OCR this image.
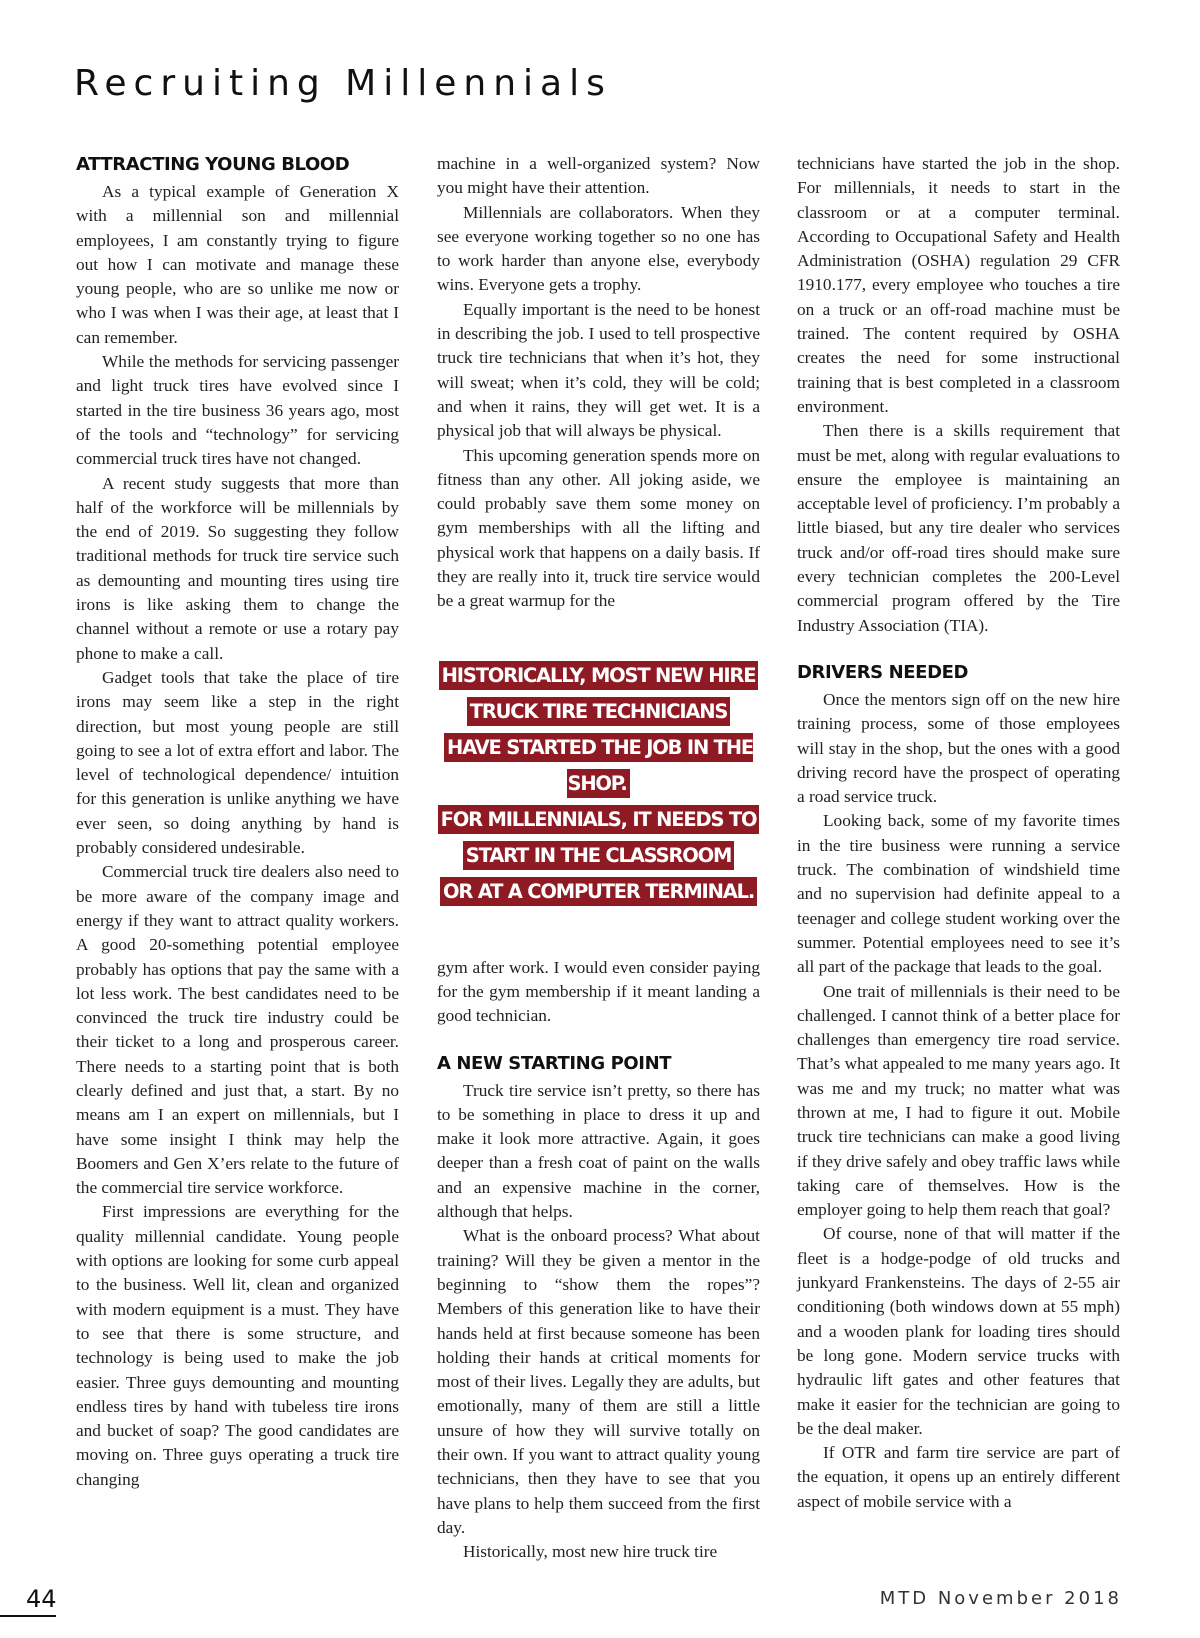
Recruiting Millennials
ATTRACTING YOUNG BLOOD

As a typical example of Generation X with a millennial son and millennial employees, I am constantly trying to figure out how I can motivate and manage these young people, who are so unlike me now or who I was when I was their age, at least that I can remember.

While the methods for servicing passenger and light truck tires have evolved since I started in the tire business 36 years ago, most of the tools and “technology” for servicing commercial truck tires have not changed.

A recent study suggests that more than half of the workforce will be millennials by the end of 2019. So suggesting they follow traditional methods for truck tire service such as demounting and mounting tires using tire irons is like asking them to change the channel without a remote or use a rotary pay phone to make a call.

Gadget tools that take the place of tire irons may seem like a step in the right direction, but most young people are still going to see a lot of extra effort and labor. The level of technological dependence/ intuition for this generation is unlike anything we have ever seen, so doing anything by hand is probably considered undesirable.

Commercial truck tire dealers also need to be more aware of the company image and energy if they want to attract quality workers. A good 20-something potential employee probably has options that pay the same with a lot less work. The best candidates need to be convinced the truck tire industry could be their ticket to a long and prosperous career. There needs to a starting point that is both clearly defined and just that, a start. By no means am I an expert on millennials, but I have some insight I think may help the Boomers and Gen X’ers relate to the future of the commercial tire service workforce.

First impressions are everything for the quality millennial candidate. Young people with options are looking for some curb appeal to the business. Well lit, clean and organized with modern equipment is a must. They have to see that there is some structure, and technology is being used to make the job easier. Three guys demounting and mounting endless tires by hand with tubeless tire irons and bucket of soap? The good candidates are moving on. Three guys operating a truck tire changing

machine in a well-organized system? Now you might have their attention.

Millennials are collaborators. When they see everyone working together so no one has to work harder than anyone else, everybody wins. Everyone gets a trophy.

Equally important is the need to be honest in describing the job. I used to tell prospective truck tire technicians that when it’s hot, they will sweat; when it’s cold, they will be cold; and when it rains, they will get wet. It is a physical job that will always be physical.

This upcoming generation spends more on fitness than any other. All joking aside, we could probably save them some money on gym memberships with all the lifting and physical work that happens on a daily basis. If they are really into it, truck tire service would be a great warmup for the

HISTORICALLY, MOST NEW HIRE
TRUCK TIRE TECHNICIANS
HAVE STARTED THE JOB IN THE SHOP.
FOR MILLENNIALS, IT NEEDS TO
START IN THE CLASSROOM
OR AT A COMPUTER TERMINAL.

gym after work. I would even consider paying for the gym membership if it meant landing a good technician.

A NEW STARTING POINT

Truck tire service isn’t pretty, so there has to be something in place to dress it up and make it look more attractive. Again, it goes deeper than a fresh coat of paint on the walls and an expensive machine in the corner, although that helps.

What is the onboard process? What about training? Will they be given a mentor in the beginning to “show them the ropes”? Members of this generation like to have their hands held at first because someone has been holding their hands at critical moments for most of their lives. Legally they are adults, but emotionally, many of them are still a little unsure of how they will survive totally on their own. If you want to attract quality young technicians, then they have to see that you have plans to help them succeed from the first day.

Historically, most new hire truck tire

technicians have started the job in the shop. For millennials, it needs to start in the classroom or at a computer terminal. According to Occupational Safety and Health Administration (OSHA) regulation 29 CFR 1910.177, every employee who touches a tire on a truck or an off-road machine must be trained. The content required by OSHA creates the need for some instructional training that is best completed in a classroom environment.

Then there is a skills requirement that must be met, along with regular evaluations to ensure the employee is maintaining an acceptable level of proficiency. I’m probably a little biased, but any tire dealer who services truck and/or off-road tires should make sure every technician completes the 200-Level commercial program offered by the Tire Industry Association (TIA).

DRIVERS NEEDED

Once the mentors sign off on the new hire training process, some of those employees will stay in the shop, but the ones with a good driving record have the prospect of operating a road service truck.

Looking back, some of my favorite times in the tire business were running a service truck. The combination of windshield time and no supervision had definite appeal to a teenager and college student working over the summer. Potential employees need to see it’s all part of the package that leads to the goal.

One trait of millennials is their need to be challenged. I cannot think of a better place for challenges than emergency tire road service. That’s what appealed to me many years ago. It was me and my truck; no matter what was thrown at me, I had to figure it out. Mobile truck tire technicians can make a good living if they drive safely and obey traffic laws while taking care of themselves. How is the employer going to help them reach that goal?

Of course, none of that will matter if the fleet is a hodge-podge of old trucks and junkyard Frankensteins. The days of 2-55 air conditioning (both windows down at 55 mph) and a wooden plank for loading tires should be long gone. Modern service trucks with hydraulic lift gates and other features that make it easier for the technician are going to be the deal maker.

If OTR and farm tire service are part of the equation, it opens up an entirely different aspect of mobile service with a

44	MTD November 2018
